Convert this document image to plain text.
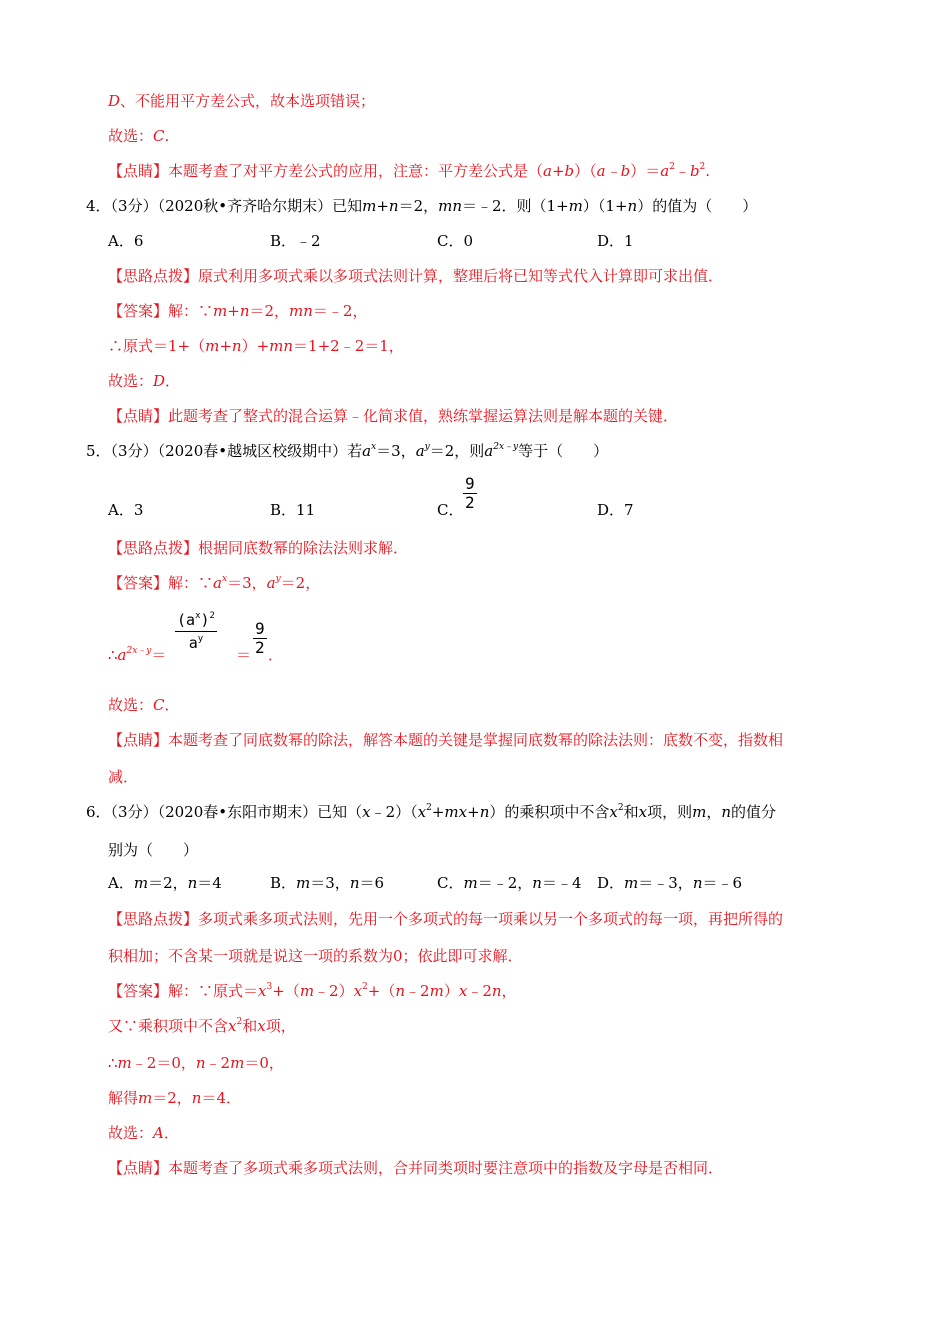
D、不能用平方差公式，故本选项错误；
故选：C.
【点睛】本题考查了对平方差公式的应用，注意：平方差公式是$(a+b)(a﹣b)=a^2﹣b^2$.
4．（3分）（2020秋•齐齐哈尔期末）已知m+n＝2，mn＝﹣2．则（1+m）（1+n）的值为（　　）
A．6	B．﹣2	C．0	D．1
【思路点拨】原式利用多项式乘以多项式法则计算，整理后将已知等式代入计算即可求出值．
【答案】解：∵m+n＝2，mn＝﹣2，
∴原式＝1+（m+n）+mn＝1+2﹣2＝1，
故选：D．
【点睛】此题考查了整式的混合运算﹣化简求值，熟练掌握运算法则是解本题的关键．
5．（3分）（2020春•越城区校级期中）若$a^x=3$，$a^y=2$，则$a^{2x﹣y}$等于（　　）
A．3	B．11	C． $\frac{9}{2}$	D．7
【思路点拨】根据同底数幂的除法法则求解．
【答案】解：$\because a^x=3$，$a^y=2$，
$\therefore a^{2x﹣y}=$
$\frac{(a^x)^2}{a^y}$
＝ $\frac{9}{2}$ ．
故选：C．
【点睛】本题考查了同底数幂的除法，解答本题的关键是掌握同底数幂的除法法则：底数不变，指数相
减．
6．（3分）（2020春•东阳市期末）已知$(x﹣2)(x^2+mx+n)$的乘积项中不含$x^2$和x项，则m，n的值分
别为（　　）
A．m＝2，n＝4	B．m＝3，n＝6	C．m＝﹣2，n＝﹣4 D．m＝﹣3，n＝﹣6
【思路点拨】多项式乘多项式法则，先用一个多项式的每一项乘以另一个多项式的每一项，再把所得的
积相加；不含某一项就是说这一项的系数为0；依此即可求解．
【答案】解：∵原式$=x^3+(m﹣2)x^2+(n﹣2m)x﹣2n$，
又∵乘积项中不含$x^2$和x项，
∴m﹣2＝0，n﹣2m＝0，
解得m＝2，n＝4．
故选：A．
【点睛】本题考查了多项式乘多项式法则，合并同类项时要注意项中的指数及字母是否相同．
